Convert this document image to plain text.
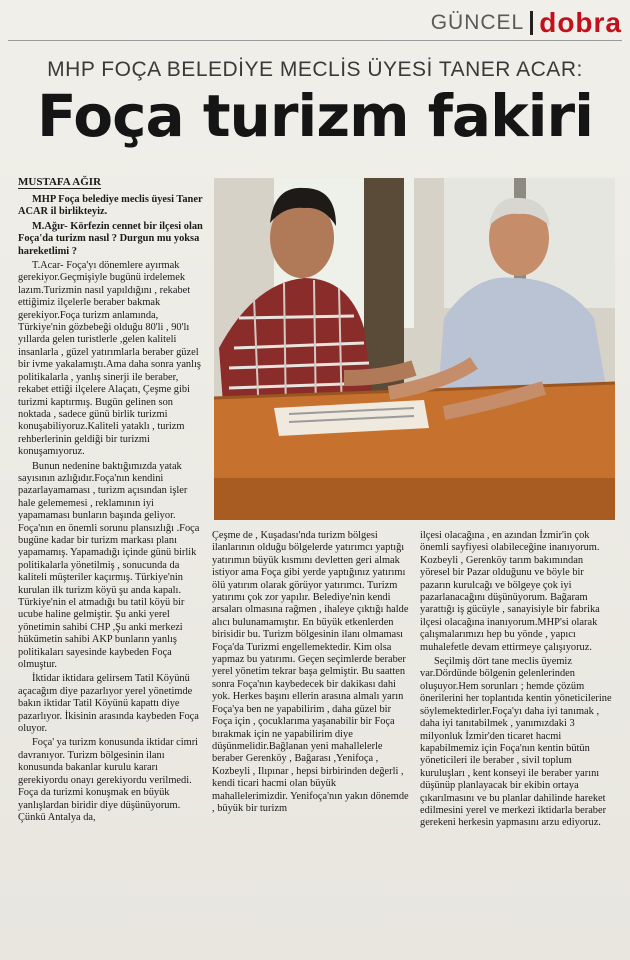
GÜNCEL dobra
MHP FOÇA BELEDİYE MECLİS ÜYESİ TANER ACAR:
Foça turizm fakiri
MUSTAFA AĞIR

MHP Foça belediye meclis üyesi Taner ACAR il birlikteyiz.

M.Ağır- Körfezin cennet bir ilçesi olan Foça'da turizm nasıl ? Durgun mu yoksa hareketlimi ?

T.Acar- Foça'yı dönemlere ayırmak gerekiyor.Geçmişiyle bugünü irdelemek lazım.Turizmin nasıl yapıldığını , rekabet ettiğimiz ilçelerle beraber bakmak gerekiyor.Foça turizm anlamında, Türkiye'nin gözbebeği olduğu 80'li , 90'lı yıllarda gelen turistlerle ,gelen kaliteli insanlarla , güzel yatırımlarla beraber güzel bir ivme yakalamıştı.Ama daha sonra yanlış politikalarla , yanlış sinerji ile beraber, rekabet ettiği ilçelere Alaçatı, Çeşme gibi turizmi kaptırmış. Bugün gelinen son noktada , sadece günü birlik turizmi konuşabiliyoruz.Kaliteli yataklı , turizm rehberlerinin geldiği bir turizmi konuşamıyoruz.

Bunun nedenine baktığımızda yatak sayısının azlığıdır.Foça'nın kendini pazarlayamaması , turizm açısından işler hale gelememesi , reklamının iyi yapamaması bunların başında geliyor. Foça'nın en önemli sorunu plansızlığı .Foça bugüne kadar bir turizm markası planı yapamamış. Yapamadığı içinde günü birlik politikalarla yönetilmiş , sonucunda da kaliteli müşteriler kaçırmış. Türkiye'nin kurulan ilk turizm köyü şu anda kapalı. Türkiye'nin el atmadığı bu tatil köyü bir ucube haline gelmiştir. Şu anki yerel yönetimin sahibi CHP ,Şu anki merkezi hükümetin sahibi AKP bunların yanlış politikaları sayesinde kaybeden Foça olmuştur.

İktidar iktidara gelirsem Tatil Köyünü açacağım diye pazarlıyor yerel yönetimde bakın iktidar Tatil Köyünü kapattı diye pazarlıyor. İkisinin arasında kaybeden Foça oluyor.

Foça' ya turizm konusunda iktidar cimri davranıyor. Turizm bölgesinin ilanı konusunda bakanlar kurulu kararı gerekiyordu onayı gerekiyordu verilmedi. Foça da turizmi konuşmak en büyük yanlışlardan biridir diye düşünüyorum. Çünkü Antalya da,

Çeşme de , Kuşadası'nda turizm bölgesi ilanlarının olduğu bölgelerde yatırımcı yaptığı yatırımın büyük kısmını devletten geri almak istiyor ama Foça gibi yerde yaptığınız yatırımı ölü yatırım olarak görüyor yatırımcı. Turizm yatırımı çok zor yapılır. Belediye'nin kendi arsaları olmasına rağmen , ihaleye çıktığı halde alıcı bulunamamıştır. En büyük etkenlerden birisidir bu. Turizm bölgesinin ilanı olmaması Foça'da Turizmi engellemektedir. Kim olsa yapmaz bu yatırımı. Geçen seçimlerde beraber yerel yönetim tekrar başa gelmiştir. Bu saatten sonra Foça'nın kaybedecek bir dakikası dahi yok. Herkes başını ellerin arasına almalı yarın Foça'ya ben ne yapabilirim , daha güzel bir Foça için , çocuklarıma yaşanabilir bir Foça bırakmak için ne yapabilirim diye düşünmelidir.Bağlanan yeni mahallelerle beraber Gerenköy , Bağarası ,Yenifoça , Kozbeyli , Ilıpınar , hepsi birbirinden değerli , kendi ticari hacmi olan büyük mahallelerimizdir. Yenifoça'nın yakın dönemde , büyük bir turizm

ilçesi olacağına , en azından İzmir'in çok önemli sayfiyesi olabileceğine inanıyorum. Kozbeyli , Gerenköy tarım bakımından yöresel bir Pazar olduğunu ve böyle bir pazarın kurulcağı ve bölgeye çok iyi pazarlanacağını düşünüyorum. Bağaram yarattığı iş gücüyle , sanayisiyle bir fabrika ilçesi olacağına inanıyorum.MHP'si olarak çalışmalarımızı hep bu yönde , yapıcı muhalefetle devam ettirmeye çalışıyoruz.

Seçilmiş dört tane meclis üyemiz var.Dördünde bölgenin gelenlerinden oluşuyor.Hem sorunları ; hemde çözüm önerilerini her toplantıda kentin yöneticilerine söylemektedirler.Foça'yı daha iyi tanımak , daha iyi tanıtabilmek , yanımızdaki 3 milyonluk İzmir'den ticaret hacmi kapabilmemiz için Foça'nın kentin bütün yöneticileri ile beraber , sivil toplum kuruluşları , kent konseyi ile beraber yarını düşünüp planlayacak bir ekibin ortaya çıkarılmasını ve bu planlar dahilinde hareket edilmesini yerel ve merkezi iktidarla beraber gerekeni herkesin yapmasını arzu ediyoruz.
